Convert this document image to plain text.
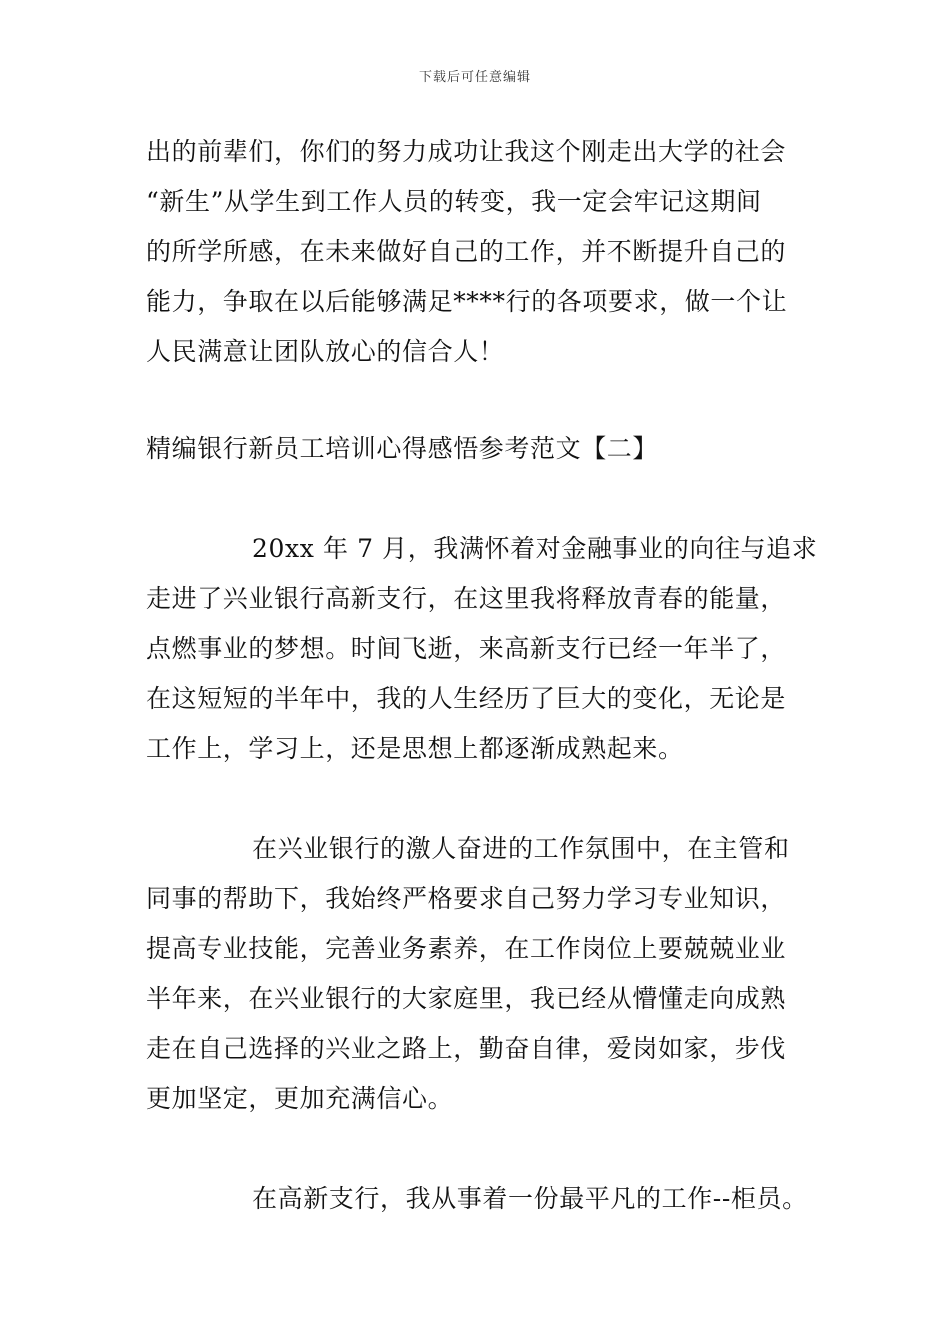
下载后可任意编辑
出的前辈们，你们的努力成功让我这个刚走出大学的社会
“新生”从学生到工作人员的转变，我一定会牢记这期间
的所学所感，在未来做好自己的工作，并不断提升自己的
能力，争取在以后能够满足****行的各项要求，做一个让
人民满意让团队放心的信合人！
精编银行新员工培训心得感悟参考范文【二】
20xx 年 7 月，我满怀着对金融事业的向往与追求
走进了兴业银行高新支行，在这里我将释放青春的能量，
点燃事业的梦想。时间飞逝，来高新支行已经一年半了，
在这短短的半年中，我的人生经历了巨大的变化，无论是
工作上，学习上，还是思想上都逐渐成熟起来。
在兴业银行的激人奋进的工作氛围中，在主管和
同事的帮助下，我始终严格要求自己努力学习专业知识，
提高专业技能，完善业务素养，在工作岗位上要兢兢业业
半年来，在兴业银行的大家庭里，我已经从懵懂走向成熟
走在自己选择的兴业之路上，勤奋自律，爱岗如家，步伐
更加坚定，更加充满信心。
在高新支行，我从事着一份最平凡的工作--柜员。
